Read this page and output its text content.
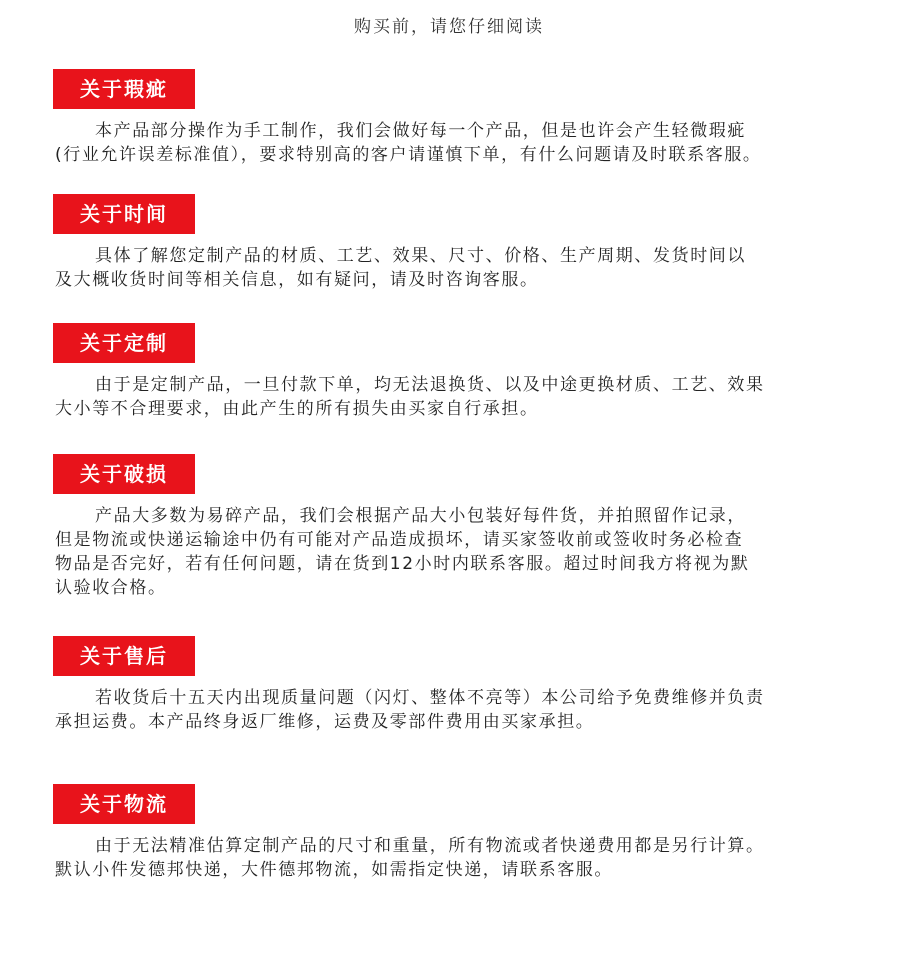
购买前，请您仔细阅读
关于瑕疵
本产品部分操作为手工制作，我们会做好每一个产品，但是也许会产生轻微瑕疵
(行业允许误差标准值），要求特别高的客户请谨慎下单，有什么问题请及时联系客服。
关于时间
具体了解您定制产品的材质、工艺、效果、尺寸、价格、生产周期、发货时间以
及大概收货时间等相关信息，如有疑问，请及时咨询客服。
关于定制
由于是定制产品，一旦付款下单，均无法退换货、以及中途更换材质、工艺、效果
大小等不合理要求，由此产生的所有损失由买家自行承担。
关于破损
产品大多数为易碎产品，我们会根据产品大小包装好每件货，并拍照留作记录，
但是物流或快递运输途中仍有可能对产品造成损坏，请买家签收前或签收时务必检查
物品是否完好，若有任何问题，请在货到12小时内联系客服。超过时间我方将视为默
认验收合格。
关于售后
若收货后十五天内出现质量问题（闪灯、整体不亮等）本公司给予免费维修并负责
承担运费。本产品终身返厂维修，运费及零部件费用由买家承担。
关于物流
由于无法精准估算定制产品的尺寸和重量，所有物流或者快递费用都是另行计算。
默认小件发德邦快递，大件德邦物流，如需指定快递，请联系客服。
